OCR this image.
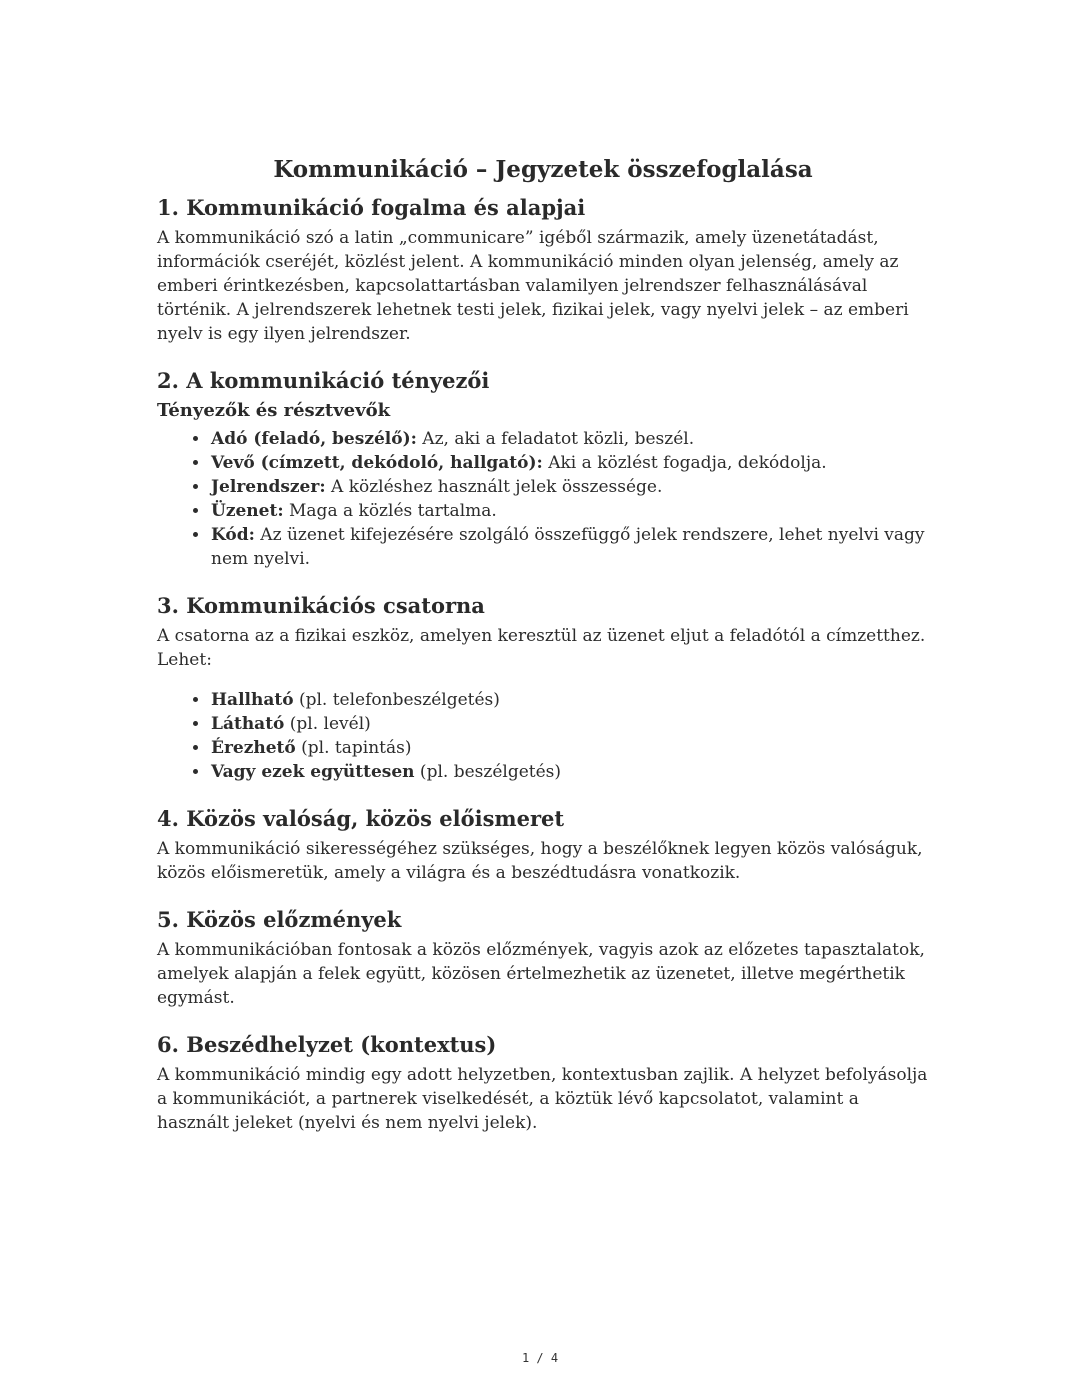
Kommunikáció – Jegyzetek összefoglalása
1. Kommunikáció fogalma és alapjai

A kommunikáció szó a latin „communicare” igéből származik, amely üzenetátadást, információk cseréjét, közlést jelent. A kommunikáció minden olyan jelenség, amely az emberi érintkezésben, kapcsolattartásban valamilyen jelrendszer felhasználásával történik. A jelrendszerek lehetnek testi jelek, fizikai jelek, vagy nyelvi jelek – az emberi nyelv is egy ilyen jelrendszer.

2. A kommunikáció tényezői
Tényezők és résztvevők
• Adó (feladó, beszélő): Az, aki a feladatot közli, beszél.
• Vevő (címzett, dekódoló, hallgató): Aki a közlést fogadja, dekódolja.
• Jelrendszer: A közléshez használt jelek összessége.
• Üzenet: Maga a közlés tartalma.
• Kód: Az üzenet kifejezésére szolgáló összefüggő jelek rendszere, lehet nyelvi vagy nem nyelvi.
3. Kommunikációs csatorna

A csatorna az a fizikai eszköz, amelyen keresztül az üzenet eljut a feladótól a címzetthez. Lehet:

• Hallható (pl. telefonbeszélgetés)
• Látható (pl. levél)
• Érezhető (pl. tapintás)
• Vagy ezek együttesen (pl. beszélgetés)
4. Közös valóság, közös előismeret

A kommunikáció sikerességéhez szükséges, hogy a beszélőknek legyen közös valóságuk, közös előismeretük, amely a világra és a beszédtudásra vonatkozik.

5. Közös előzmények

A kommunikációban fontosak a közös előzmények, vagyis azok az előzetes tapasztalatok, amelyek alapján a felek együtt, közösen értelmezhetik az üzenetet, illetve megérthetik egymást.

6. Beszédhelyzet (kontextus)

A kommunikáció mindig egy adott helyzetben, kontextusban zajlik. A helyzet befolyásolja a kommunikációt, a partnerek viselkedését, a köztük lévő kapcsolatot, valamint a használt jeleket (nyelvi és nem nyelvi jelek).

1 / 4
